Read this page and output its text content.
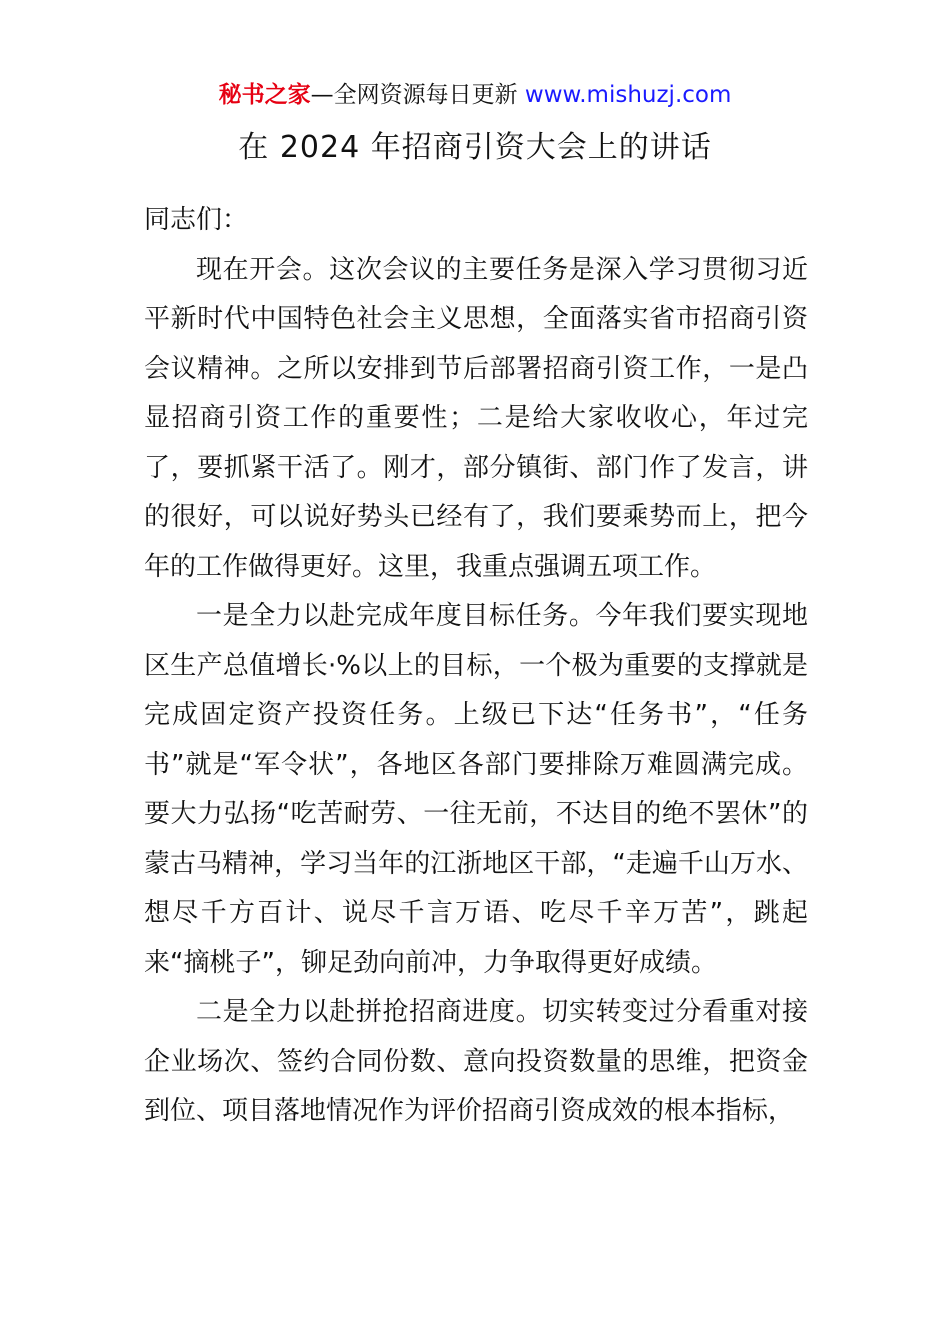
秘书之家—全网资源每日更新 www.mishuzj.com
在 2024 年招商引资大会上的讲话

同志们：

现在开会。这次会议的主要任务是深入学习贯彻习近平新时代中国特色社会主义思想，全面落实省市招商引资会议精神。之所以安排到节后部署招商引资工作，一是凸显招商引资工作的重要性；二是给大家收收心，年过完了，要抓紧干活了。刚才，部分镇街、部门作了发言，讲的很好，可以说好势头已经有了，我们要乘势而上，把今年的工作做得更好。这里，我重点强调五项工作。

一是全力以赴完成年度目标任务。今年我们要实现地区生产总值增长·%以上的目标，一个极为重要的支撑就是完成固定资产投资任务。上级已下达“任务书”，“任务书”就是“军令状”，各地区各部门要排除万难圆满完成。要大力弘扬“吃苦耐劳、一往无前，不达目的绝不罢休”的蒙古马精神，学习当年的江浙地区干部，“走遍千山万水、想尽千方百计、说尽千言万语、吃尽千辛万苦”，跳起来“摘桃子”，铆足劲向前冲，力争取得更好成绩。

二是全力以赴拼抢招商进度。切实转变过分看重对接企业场次、签约合同份数、意向投资数量的思维，把资金到位、项目落地情况作为评价招商引资成效的根本指标，
